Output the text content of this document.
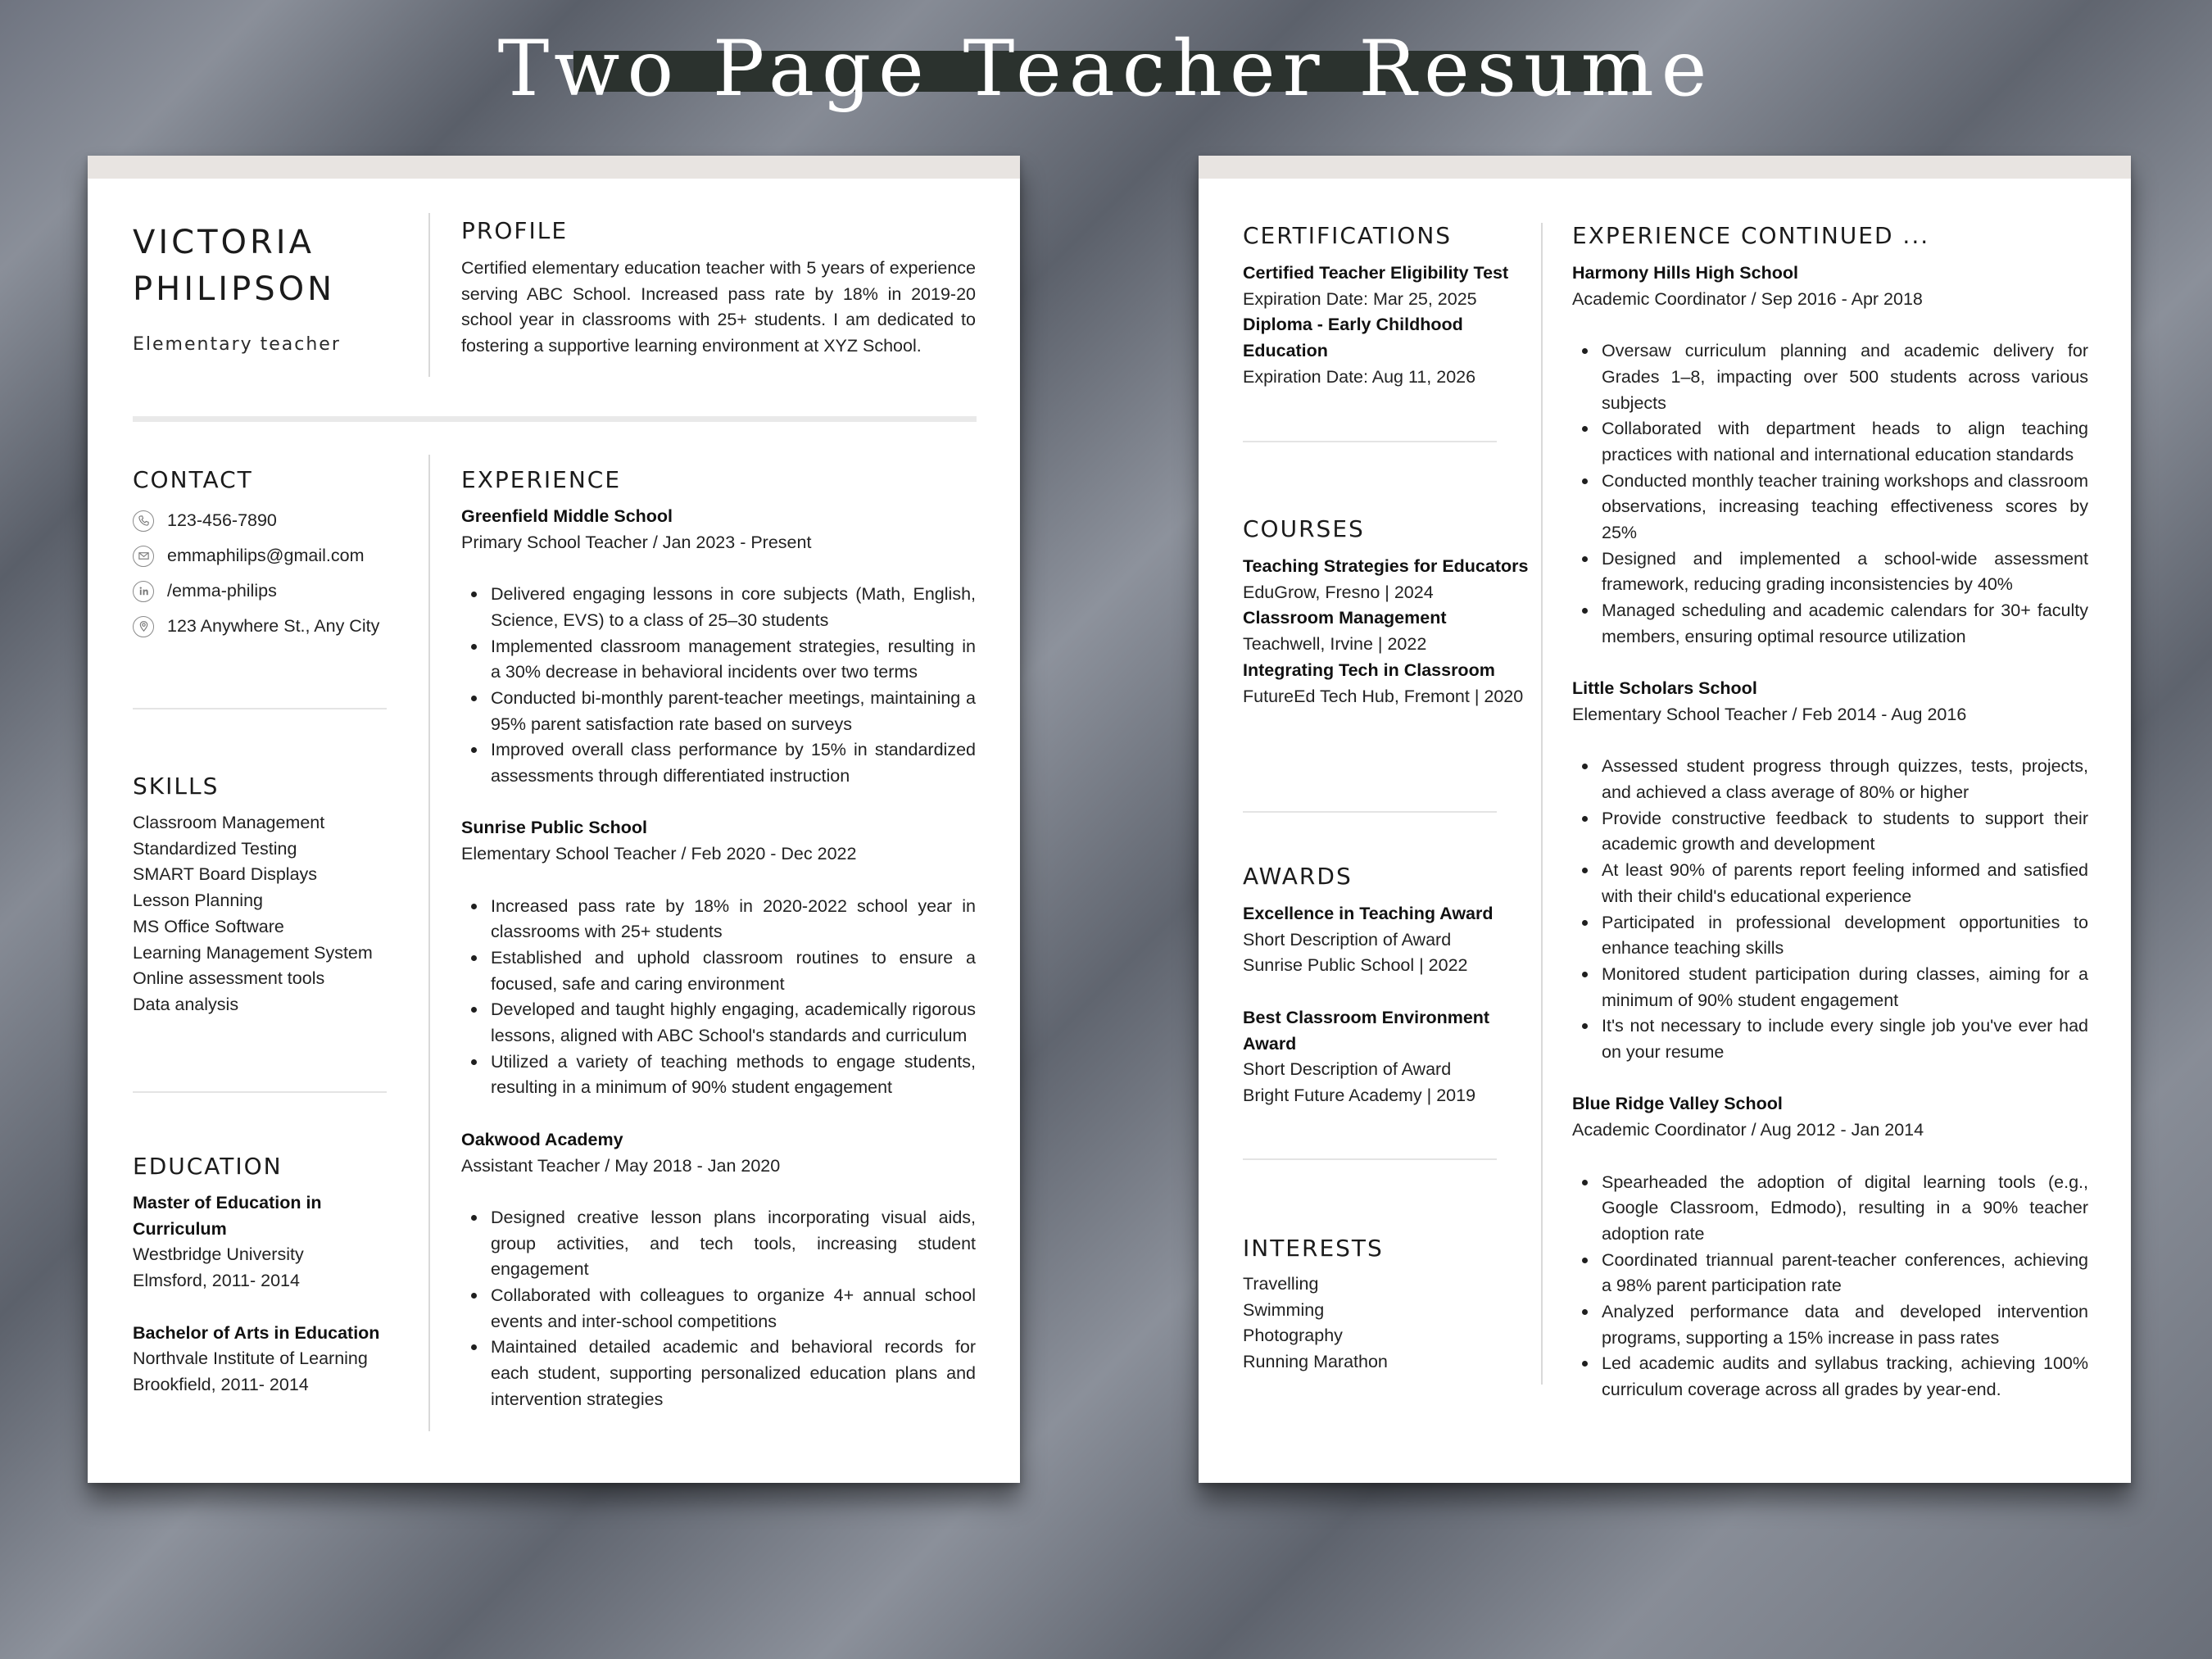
Two Page Teacher Resume
VICTORIA
PHILIPSON
Elementary teacher
PROFILE
Certified elementary education teacher with 5 years of experience serving ABC School. Increased pass rate by 18% in 2019-20 school year in classrooms with 25+ students. I am dedicated to fostering a supportive learning environment at XYZ School.
CONTACT
123-456-7890
emmaphilips@gmail.com
/emma-philips
123 Anywhere St., Any City
SKILLS
Classroom Management
Standardized Testing
SMART Board Displays
Lesson Planning
MS Office Software
Learning Management System
Online assessment tools
Data analysis
EDUCATION
Master of Education in Curriculum
Westbridge University
Elmsford, 2011- 2014
Bachelor of Arts in Education
Northvale Institute of Learning
Brookfield, 2011- 2014
EXPERIENCE
Greenfield Middle School
Primary School Teacher / Jan 2023 - Present
Delivered engaging lessons in core subjects (Math, English, Science, EVS) to a class of 25–30 students
Implemented classroom management strategies, resulting in a 30% decrease in behavioral incidents over two terms
Conducted bi-monthly parent-teacher meetings, maintaining a 95% parent satisfaction rate based on surveys
Improved overall class performance by 15% in standardized assessments through differentiated instruction
Sunrise Public School
Elementary School Teacher / Feb 2020 - Dec 2022
Increased pass rate by 18% in 2020-2022 school year in classrooms with 25+ students
Established and uphold classroom routines to ensure a focused, safe and caring environment
Developed and taught highly engaging, academically rigorous lessons, aligned with ABC School's standards and curriculum
Utilized a variety of teaching methods to engage students, resulting in a minimum of 90% student engagement
Oakwood Academy
Assistant Teacher / May 2018 - Jan 2020
Designed creative lesson plans incorporating visual aids, group activities, and tech tools, increasing student engagement
Collaborated with colleagues to organize 4+ annual school events and inter-school competitions
Maintained detailed academic and behavioral records for each student, supporting personalized education plans and intervention strategies
CERTIFICATIONS
Certified Teacher Eligibility Test
Expiration Date: Mar 25, 2025
Diploma - Early Childhood Education
Expiration Date: Aug 11, 2026
COURSES
Teaching Strategies for Educators
EduGrow, Fresno | 2024
Classroom Management
Teachwell, Irvine | 2022
Integrating Tech in Classroom
FutureEd Tech Hub, Fremont | 2020
AWARDS
Excellence in Teaching Award
Short Description of Award
Sunrise Public School | 2022
Best Classroom Environment Award
Short Description of Award
Bright Future Academy | 2019
INTERESTS
Travelling
Swimming
Photography
Running Marathon
EXPERIENCE CONTINUED ...
Harmony Hills High School
Academic Coordinator / Sep 2016 - Apr 2018
Oversaw curriculum planning and academic delivery for Grades 1–8, impacting over 500 students across various subjects
Collaborated with department heads to align teaching practices with national and international education standards
Conducted monthly teacher training workshops and classroom observations, increasing teaching effectiveness scores by 25%
Designed and implemented a school-wide assessment framework, reducing grading inconsistencies by 40%
Managed scheduling and academic calendars for 30+ faculty members, ensuring optimal resource utilization
Little Scholars School
Elementary School Teacher / Feb 2014 - Aug 2016
Assessed student progress through quizzes, tests, projects, and achieved a class average of 80% or higher
Provide constructive feedback to students to support their academic growth and development
At least 90% of parents report feeling informed and satisfied with their child's educational experience
Participated in professional development opportunities to enhance teaching skills
Monitored student participation during classes, aiming for a minimum of 90% student engagement
It's not necessary to include every single job you've ever had on your resume
Blue Ridge Valley School
Academic Coordinator / Aug 2012 - Jan 2014
Spearheaded the adoption of digital learning tools (e.g., Google Classroom, Edmodo), resulting in a 90% teacher adoption rate
Coordinated triannual parent-teacher conferences, achieving a 98% parent participation rate
Analyzed performance data and developed intervention programs, supporting a 15% increase in pass rates
Led academic audits and syllabus tracking, achieving 100% curriculum coverage across all grades by year-end.
